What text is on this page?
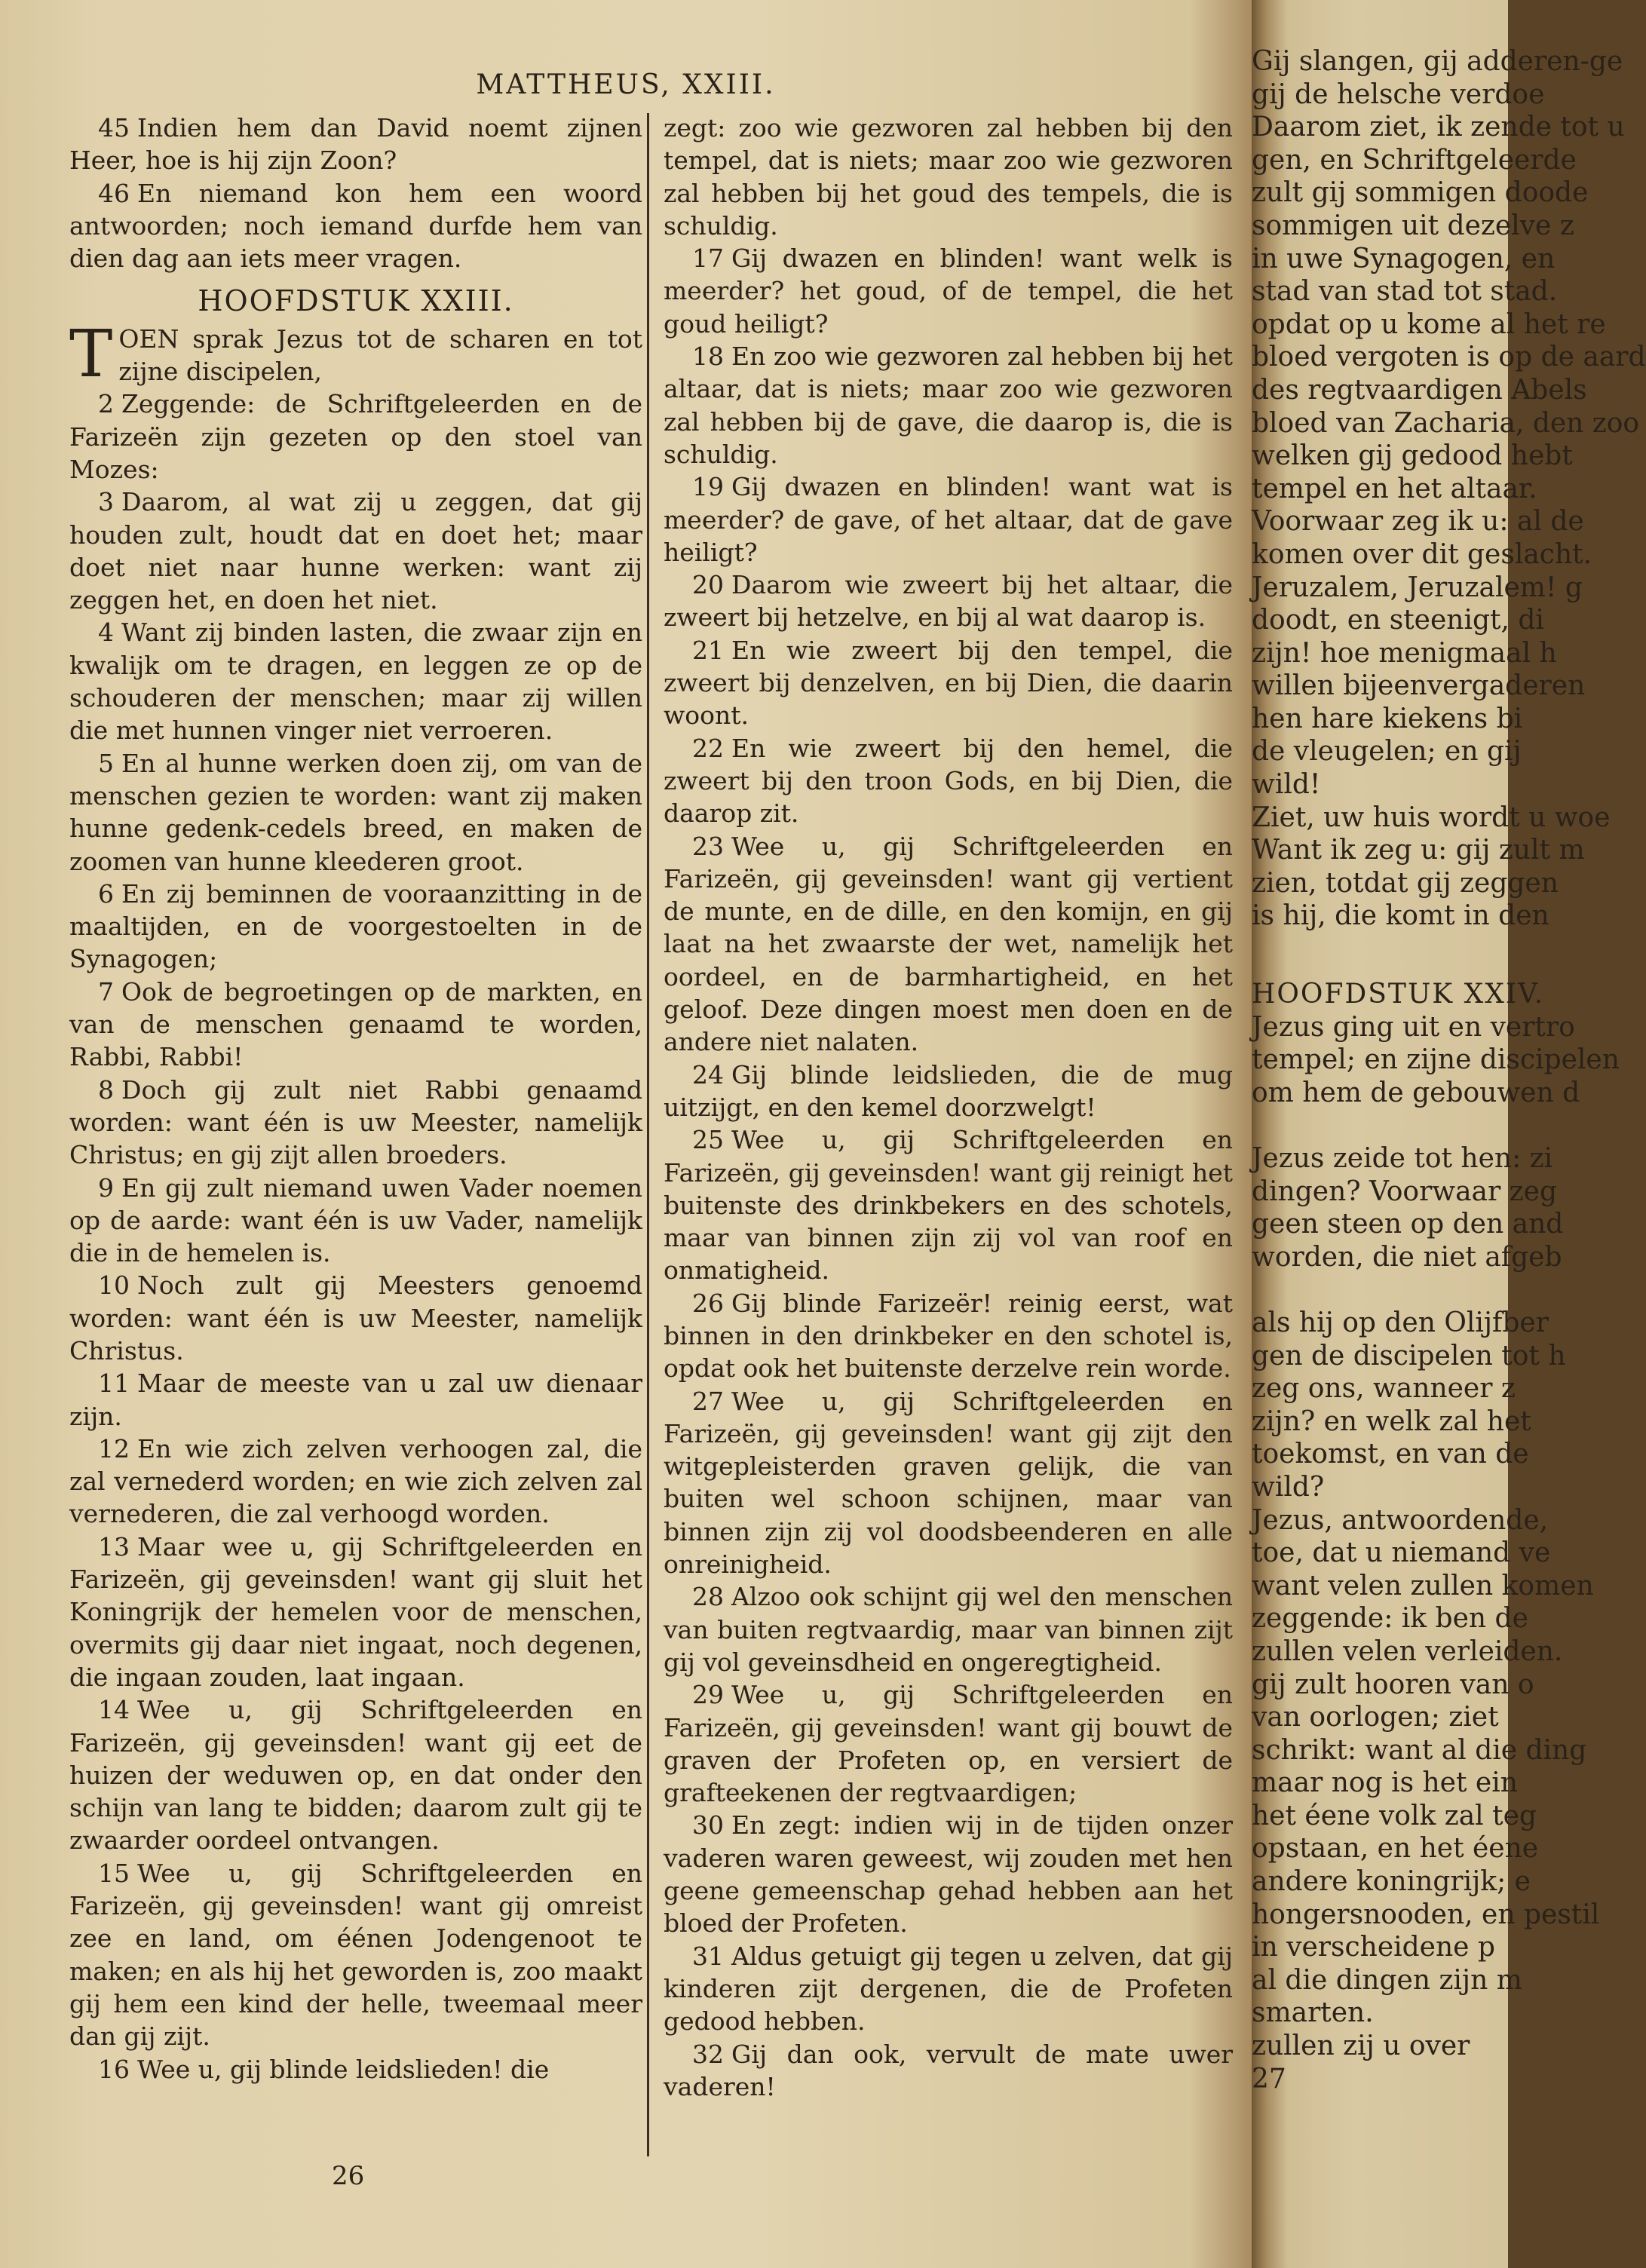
MATTHEUS, XXIII.

45 Indien hem dan David noemt zijnen Heer, hoe is hij zijn Zoon?

46 En niemand kon hem een woord antwoorden; noch iemand durfde hem van dien dag aan iets meer vragen.

HOOFDSTUK XXIII.

TOEN sprak Jezus tot de scharen en tot zijne discipelen,

2 Zeggende: de Schriftgeleerden en de Farizeën zijn gezeten op den stoel van Mozes:

3 Daarom, al wat zij u zeggen, dat gij houden zult, houdt dat en doet het; maar doet niet naar hunne werken: want zij zeggen het, en doen het niet.

4 Want zij binden lasten, die zwaar zijn en kwalijk om te dragen, en leggen ze op de schouderen der menschen; maar zij willen die met hunnen vinger niet verroeren.

5 En al hunne werken doen zij, om van de menschen gezien te worden: want zij maken hunne gedenk-cedels breed, en maken de zoomen van hunne kleederen groot.

6 En zij beminnen de vooraanzitting in de maaltijden, en de voorgestoelten in de Synagogen;

7 Ook de begroetingen op de markten, en van de menschen genaamd te worden, Rabbi, Rabbi!

8 Doch gij zult niet Rabbi genaamd worden: want één is uw Meester, namelijk Christus; en gij zijt allen broeders.

9 En gij zult niemand uwen Vader noemen op de aarde: want één is uw Vader, namelijk die in de hemelen is.

10 Noch zult gij Meesters genoemd worden: want één is uw Meester, namelijk Christus.

11 Maar de meeste van u zal uw dienaar zijn.

12 En wie zich zelven verhoogen zal, die zal vernederd worden; en wie zich zelven zal vernederen, die zal verhoogd worden.

13 Maar wee u, gij Schriftgeleerden en Farizeën, gij geveinsden! want gij sluit het Koningrijk der hemelen voor de menschen, overmits gij daar niet ingaat, noch degenen, die ingaan zouden, laat ingaan.

14 Wee u, gij Schriftgeleerden en Farizeën, gij geveinsden! want gij eet de huizen der weduwen op, en dat onder den schijn van lang te bidden; daarom zult gij te zwaarder oordeel ontvangen.

15 Wee u, gij Schriftgeleerden en Farizeën, gij geveinsden! want gij omreist zee en land, om éénen Jodengenoot te maken; en als hij het geworden is, zoo maakt gij hem een kind der helle, tweemaal meer dan gij zijt.

16 Wee u, gij blinde leidslieden! die

zegt: zoo wie gezworen zal hebben bij den tempel, dat is niets; maar zoo wie gezworen zal hebben bij het goud des tempels, die is schuldig.

17 Gij dwazen en blinden! want welk is meerder? het goud, of de tempel, die het goud heiligt?

18 En zoo wie gezworen zal hebben bij het altaar, dat is niets; maar zoo wie gezworen zal hebben bij de gave, die daarop is, die is schuldig.

19 Gij dwazen en blinden! want wat is meerder? de gave, of het altaar, dat de gave heiligt?

20 Daarom wie zweert bij het altaar, die zweert bij hetzelve, en bij al wat daarop is.

21 En wie zweert bij den tempel, die zweert bij denzelven, en bij Dien, die daarin woont.

22 En wie zweert bij den hemel, die zweert bij den troon Gods, en bij Dien, die daarop zit.

23 Wee u, gij Schriftgeleerden en Farizeën, gij geveinsden! want gij vertient de munte, en de dille, en den komijn, en gij laat na het zwaarste der wet, namelijk het oordeel, en de barmhartigheid, en het geloof. Deze dingen moest men doen en de andere niet nalaten.

24 Gij blinde leidslieden, die de mug uitzijgt, en den kemel doorzwelgt!

25 Wee u, gij Schriftgeleerden en Farizeën, gij geveinsden! want gij reinigt het buitenste des drinkbekers en des schotels, maar van binnen zijn zij vol van roof en onmatigheid.

26 Gij blinde Farizeër! reinig eerst, wat binnen in den drinkbeker en den schotel is, opdat ook het buitenste derzelve rein worde.

27 Wee u, gij Schriftgeleerden en Farizeën, gij geveinsden! want gij zijt den witgepleisterden graven gelijk, die van buiten wel schoon schijnen, maar van binnen zijn zij vol doodsbeenderen en alle onreinigheid.

28 Alzoo ook schijnt gij wel den menschen van buiten regtvaardig, maar van binnen zijt gij vol geveinsdheid en ongeregtigheid.

29 Wee u, gij Schriftgeleerden en Farizeën, gij geveinsden! want gij bouwt de graven der Profeten op, en versiert de grafteekenen der regtvaardigen;

30 En zegt: indien wij in de tijden onzer vaderen waren geweest, wij zouden met hen geene gemeenschap gehad hebben aan het bloed der Profeten.

31 Aldus getuigt gij tegen u zelven, dat gij kinderen zijt dergenen, die de Profeten gedood hebben.

32 Gij dan ook, vervult de mate uwer vaderen!

26
Gij slangen, gij adderen-ge
gij de helsche verdoe
Daarom ziet, ik zende tot u
gen, en Schriftgeleerde
zult gij sommigen doode
sommigen uit dezelve z
in uwe Synagogen, en
stad van stad tot stad.
opdat op u kome al het re
bloed vergoten is op de aard
des regtvaardigen Abels
bloed van Zacharia, den zoo
welken gij gedood hebt
tempel en het altaar.
Voorwaar zeg ik u: al de
komen over dit geslacht.
Jeruzalem, Jeruzalem! g
doodt, en steenigt, di
zijn! hoe menigmaal h
willen bijeenvergaderen
hen hare kiekens bi
de vleugelen; en gij
wild!
Ziet, uw huis wordt u woe
Want ik zeg u: gij zult m
zien, totdat gij zeggen
is hij, die komt in den
HOOFDSTUK XXIV.
Jezus ging uit en vertro
tempel; en zijne discipelen
om hem de gebouwen d

Jezus zeide tot hen: zi
dingen? Voorwaar zeg
geen steen op den and
worden, die niet afgeb

als hij op den Olijfber
gen de discipelen tot h
zeg ons, wanneer z
zijn? en welk zal het
toekomst, en van de
wild?
Jezus, antwoordende,
toe, dat u niemand ve
want velen zullen komen
zeggende: ik ben de
zullen velen verleiden.
gij zult hooren van o
van oorlogen; ziet
schrikt: want al die ding
maar nog is het ein
het éene volk zal teg
opstaan, en het éene
andere koningrijk; e
hongersnooden, en pestil
in verscheidene p
al die dingen zijn m
smarten.
zullen zij u over
27
